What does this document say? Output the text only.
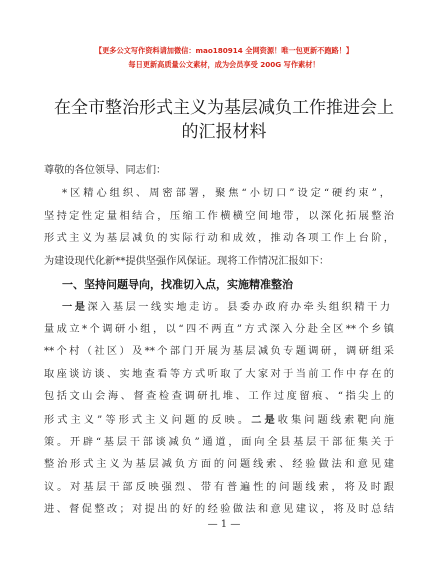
【更多公文写作资料请加微信：mao180914 全网资源！唯一包更新不跑路！】
每日更新高质量公文素材，成为会员享受 200G 写作素材！
在全市整治形式主义为基层减负工作推进会上
的汇报材料
尊敬的各位领导、同志们：
*区精心组织、周密部署，聚焦“小切口”设定“硬约束”，
坚持定性定量相结合，压缩工作横横空间地带，以深化拓展整治
形式主义为基层减负的实际行动和成效，推动各项工作上台阶，
为建设现代化新**提供坚强作风保证。现将工作情况汇报如下：
一、坚持问题导向，找准切入点，实施精准整治
一是深入基层一线实地走访。县委办政府办牵头组织精干力
量成立*个调研小组，以“四不两直”方式深入分赴全区**个乡镇
**个村（社区）及**个部门开展为基层减负专题调研，调研组采
取座谈访谈、实地查看等方式听取了大家对于当前工作中存在的
包括文山会海、督查检查调研扎堆、工作过度留痕、“指尖上的
形式主义”等形式主义问题的反映。二是收集问题线索靶向施
策。开辟“基层干部谈减负”通道，面向全县基层干部征集关于
整治形式主义为基层减负方面的问题线索、经验做法和意见建
议。对基层干部反映强烈、带有普遍性的问题线索，将及时跟
进、督促整改；对提出的好的经验做法和意见建议，将及时总结
— 1 —
